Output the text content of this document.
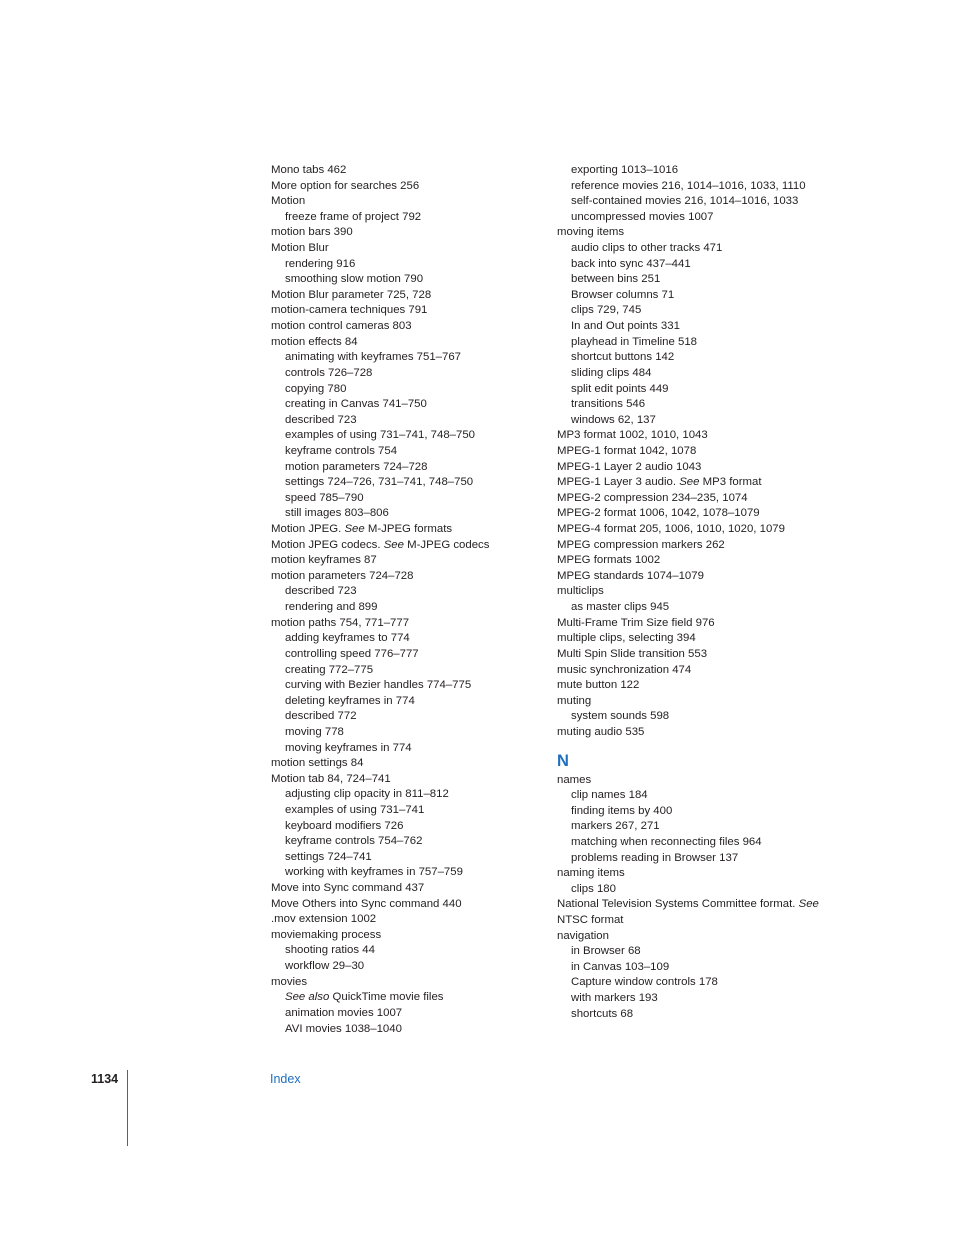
Mono tabs 462
More option for searches 256
Motion
freeze frame of project 792
motion bars 390
Motion Blur
rendering 916
smoothing slow motion 790
Motion Blur parameter 725, 728
motion-camera techniques 791
motion control cameras 803
motion effects 84
animating with keyframes 751–767
controls 726–728
copying 780
creating in Canvas 741–750
described 723
examples of using 731–741, 748–750
keyframe controls 754
motion parameters 724–728
settings 724–726, 731–741, 748–750
speed 785–790
still images 803–806
Motion JPEG. See M-JPEG formats
Motion JPEG codecs. See M-JPEG codecs
motion keyframes 87
motion parameters 724–728
described 723
rendering and 899
motion paths 754, 771–777
adding keyframes to 774
controlling speed 776–777
creating 772–775
curving with Bezier handles 774–775
deleting keyframes in 774
described 772
moving 778
moving keyframes in 774
motion settings 84
Motion tab 84, 724–741
adjusting clip opacity in 811–812
examples of using 731–741
keyboard modifiers 726
keyframe controls 754–762
settings 724–741
working with keyframes in 757–759
Move into Sync command 437
Move Others into Sync command 440
.mov extension 1002
moviemaking process
shooting ratios 44
workflow 29–30
movies
See also QuickTime movie files
animation movies 1007
AVI movies 1038–1040
exporting 1013–1016
reference movies 216, 1014–1016, 1033, 1110
self-contained movies 216, 1014–1016, 1033
uncompressed movies 1007
moving items
audio clips to other tracks 471
back into sync 437–441
between bins 251
Browser columns 71
clips 729, 745
In and Out points 331
playhead in Timeline 518
shortcut buttons 142
sliding clips 484
split edit points 449
transitions 546
windows 62, 137
MP3 format 1002, 1010, 1043
MPEG-1 format 1042, 1078
MPEG-1 Layer 2 audio 1043
MPEG-1 Layer 3 audio. See MP3 format
MPEG-2 compression 234–235, 1074
MPEG-2 format 1006, 1042, 1078–1079
MPEG-4 format 205, 1006, 1010, 1020, 1079
MPEG compression markers 262
MPEG formats 1002
MPEG standards 1074–1079
multiclips
as master clips 945
Multi-Frame Trim Size field 976
multiple clips, selecting 394
Multi Spin Slide transition 553
music synchronization 474
mute button 122
muting
system sounds 598
muting audio 535
N
names
clip names 184
finding items by 400
markers 267, 271
matching when reconnecting files 964
problems reading in Browser 137
naming items
clips 180
National Television Systems Committee format. See
NTSC format
navigation
in Browser 68
in Canvas 103–109
Capture window controls 178
with markers 193
shortcuts 68
1134	Index
